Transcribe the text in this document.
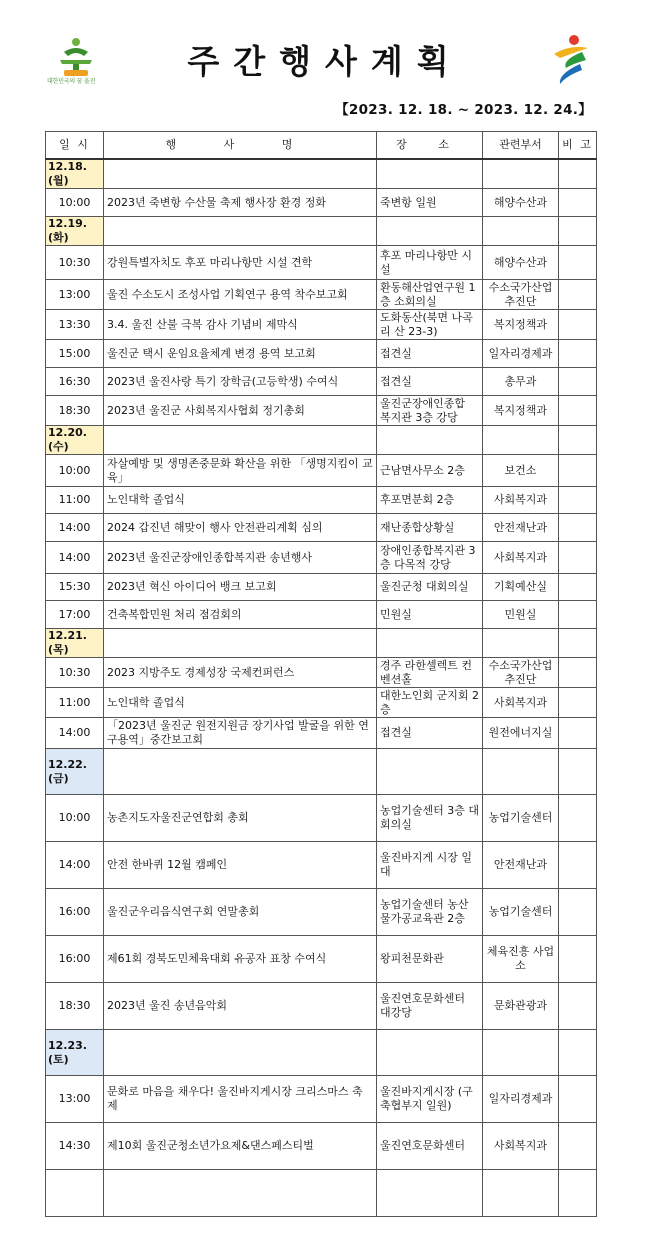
대한민국의 꿈 울진
주간행사계획
【2023. 12. 18. ~ 2023. 12. 24.】
일 시	행 사 명	장 소	관련부서	비 고
12.18.(월)				
10:00	2023년 죽변항 수산물 축제 행사장 환경 정화	죽변항 일원	해양수산과	
12.19.(화)				
10:30	강원특별자치도 후포 마리나항만 시설 견학	후포 마리나항만 시설	해양수산과	
13:00	울진 수소도시 조성사업 기획연구 용역 착수보고회	환동해산업연구원 1층 소회의실	수소국가산업 추진단	
13:30	3.4. 울진 산불 극복 감사 기념비 제막식	도화동산(북면 나곡리 산 23-3)	복지정책과	
15:00	울진군 택시 운임요율체계 변경 용역 보고회	접견실	일자리경제과	
16:30	2023년 울진사랑 특기 장학금(고등학생) 수여식	접견실	총무과	
18:30	2023년 울진군 사회복지사협회 정기총회	울진군장애인종합 복지관 3층 강당	복지정책과	
12.20.(수)				
10:00	자살예방 및 생명존중문화 확산을 위한 「생명지킴이 교육」	근남면사무소 2층	보건소	
11:00	노인대학 졸업식	후포면분회 2층	사회복지과	
14:00	2024 갑진년 해맞이 행사 안전관리계획 심의	재난종합상황실	안전재난과	
14:00	2023년 울진군장애인종합복지관 송년행사	장애인종합복지관 3층 다목적 강당	사회복지과	
15:30	2023년 혁신 아이디어 뱅크 보고회	울진군청 대회의실	기획예산실	
17:00	건축복합민원 처리 점검회의	민원실	민원실	
12.21.(목)				
10:30	2023 지방주도 경제성장 국제컨퍼런스	경주 라한셀렉트 컨벤션홀	수소국가산업 추진단	
11:00	노인대학 졸업식	대한노인회 군지회 2층	사회복지과	
14:00	「2023년 울진군 원전지원금 장기사업 발굴을 위한 연구용역」중간보고회	접견실	원전에너지실	
12.22.(금)				
10:00	농촌지도자울진군연합회 총회	농업기술센터 3층 대회의실	농업기술센터	
14:00	안전 한바퀴 12월 캠페인	울진바지게 시장 일대	안전재난과	
16:00	울진군우리음식연구회 연말총회	농업기술센터 농산물가공교육관 2층	농업기술센터	
16:00	제61회 경북도민체육대회 유공자 표창 수여식	왕피천문화관	체육진흥 사업소	
18:30	2023년 울진 송년음악회	울진연호문화센터 대강당	문화관광과	
12.23.(토)				
13:00	문화로 마음을 채우다! 울진바지게시장 크리스마스 축제	울진바지게시장 (구 축협부지 일원)	일자리경제과	
14:30	제10회 울진군청소년가요제&댄스페스티벌	울진연호문화센터	사회복지과	
